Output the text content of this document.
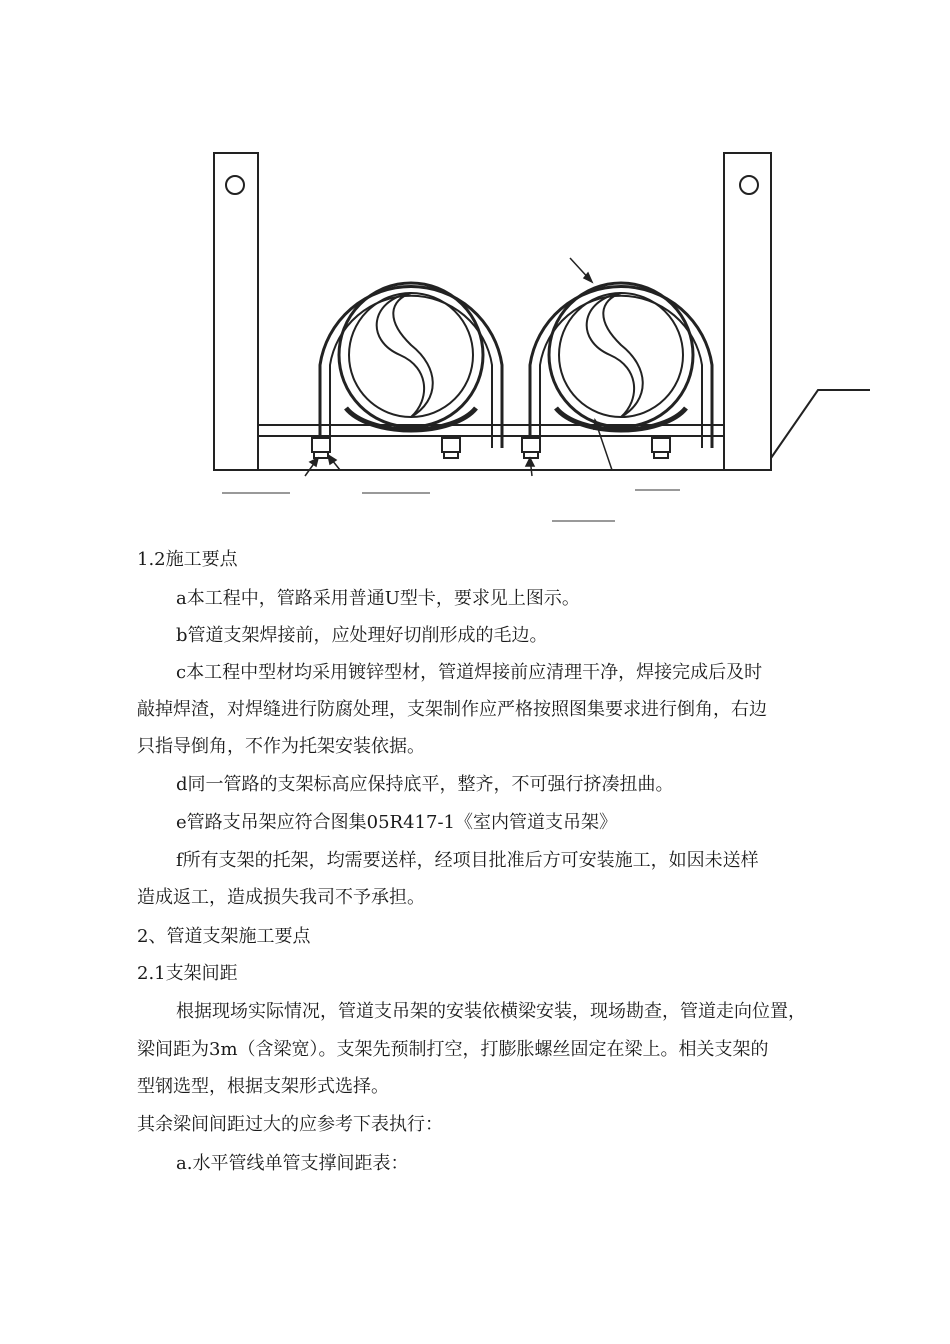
1.2施工要点
a本工程中，管路采用普通U型卡，要求见上图示。
b管道支架焊接前，应处理好切削形成的毛边。
c本工程中型材均采用镀锌型材，管道焊接前应清理干净，焊接完成后及时
敲掉焊渣，对焊缝进行防腐处理，支架制作应严格按照图集要求进行倒角，右边
只指导倒角，不作为托架安装依据。
d同一管路的支架标高应保持底平，整齐，不可强行挤凑扭曲。
e管路支吊架应符合图集05R417-1《室内管道支吊架》
f所有支架的托架，均需要送样，经项目批准后方可安装施工，如因未送样
造成返工，造成损失我司不予承担。
2、管道支架施工要点
2.1支架间距
根据现场实际情况，管道支吊架的安装依横梁安装，现场勘查，管道走向位置，
梁间距为3m（含梁宽）。支架先预制打空，打膨胀螺丝固定在梁上。相关支架的
型钢选型，根据支架形式选择。
其余梁间间距过大的应参考下表执行：
a.水平管线单管支撑间距表：
